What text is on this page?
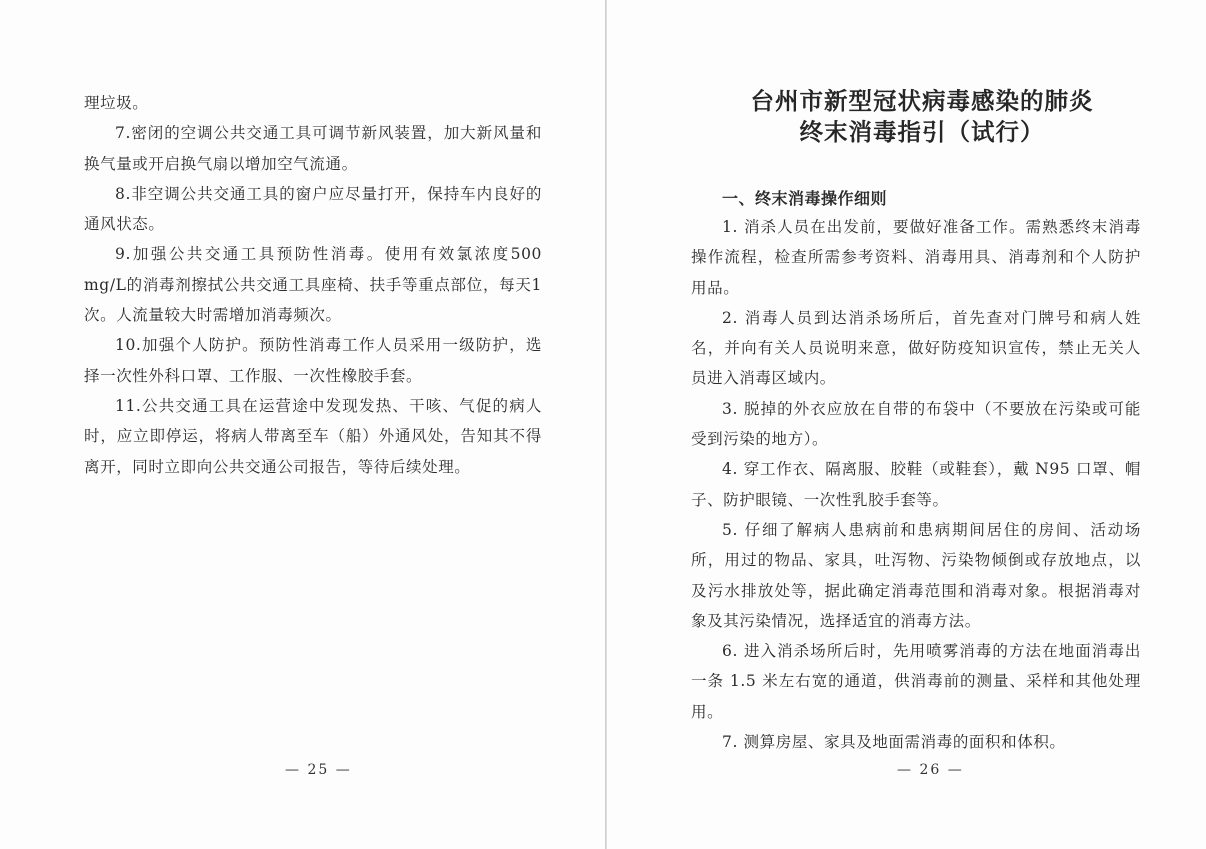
理垃圾。

7.密闭的空调公共交通工具可调节新风装置，加大新风量和换气量或开启换气扇以增加空气流通。

8.非空调公共交通工具的窗户应尽量打开，保持车内良好的通风状态。

9.加强公共交通工具预防性消毒。使用有效氯浓度500 mg/L的消毒剂擦拭公共交通工具座椅、扶手等重点部位，每天1次。人流量较大时需增加消毒频次。

10.加强个人防护。预防性消毒工作人员采用一级防护，选择一次性外科口罩、工作服、一次性橡胶手套。

11.公共交通工具在运营途中发现发热、干咳、气促的病人时，应立即停运，将病人带离至车（船）外通风处，告知其不得离开，同时立即向公共交通公司报告，等待后续处理。

— 25 —
台州市新型冠状病毒感染的肺炎
终末消毒指引（试行）
一、终末消毒操作细则

1. 消杀人员在出发前，要做好准备工作。需熟悉终末消毒操作流程，检查所需参考资料、消毒用具、消毒剂和个人防护用品。

2. 消毒人员到达消杀场所后，首先查对门牌号和病人姓名，并向有关人员说明来意，做好防疫知识宣传，禁止无关人员进入消毒区域内。

3. 脱掉的外衣应放在自带的布袋中（不要放在污染或可能受到污染的地方）。

4. 穿工作衣、隔离服、胶鞋（或鞋套），戴 N95 口罩、帽子、防护眼镜、一次性乳胶手套等。

5. 仔细了解病人患病前和患病期间居住的房间、活动场所，用过的物品、家具，吐泻物、污染物倾倒或存放地点，以及污水排放处等，据此确定消毒范围和消毒对象。根据消毒对象及其污染情况，选择适宜的消毒方法。

6. 进入消杀场所后时，先用喷雾消毒的方法在地面消毒出一条 1.5 米左右宽的通道，供消毒前的测量、采样和其他处理用。

7. 测算房屋、家具及地面需消毒的面积和体积。

— 26 —
